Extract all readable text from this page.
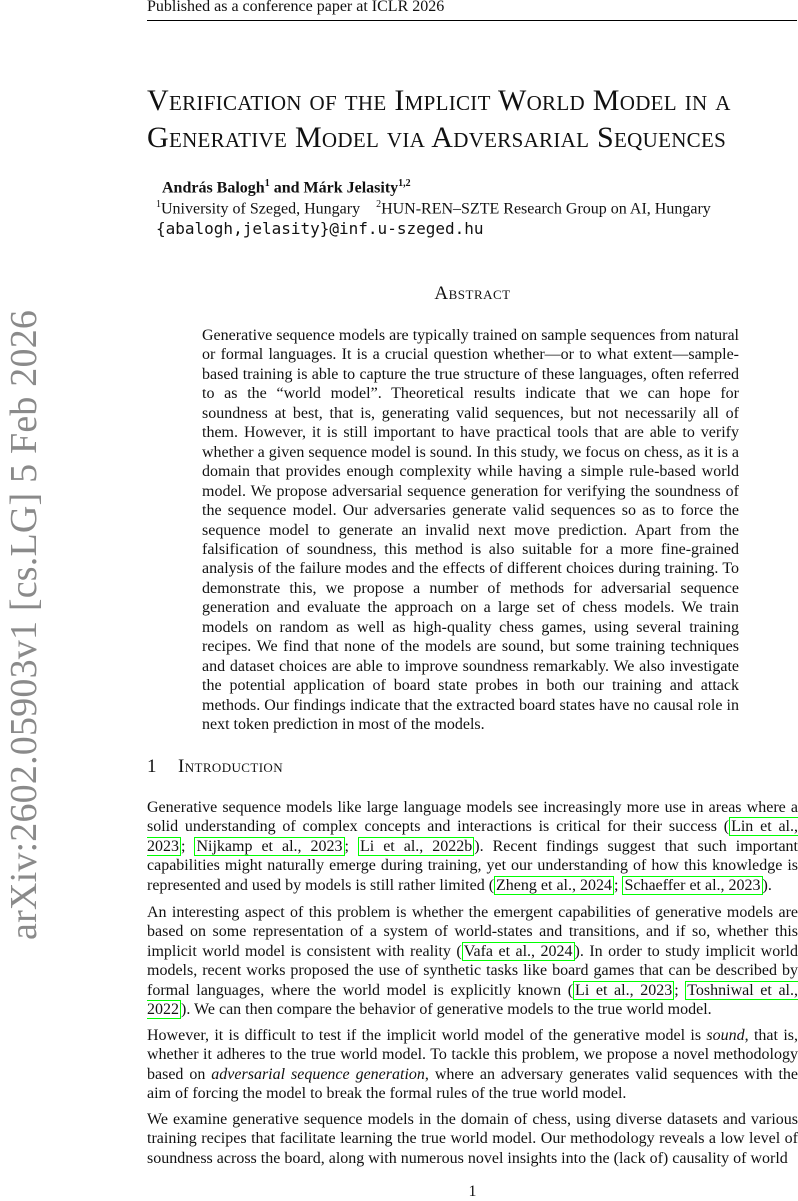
Published as a conference paper at ICLR 2026
arXiv:2602.05903v1 [cs.LG] 5 Feb 2026
Verification of the Implicit World Model in a Generative Model via Adversarial Sequences
András Balogh$^1$ and Márk Jelasity$^{1,2}$
$^1$University of Szeged, Hungary $^2$HUN-REN–SZTE Research Group on AI, Hungary
{abalogh,jelasity}@inf.u-szeged.hu
Abstract

Generative sequence models are typically trained on sample sequences from natural or formal languages. It is a crucial question whether—or to what extent—sample-based training is able to capture the true structure of these languages, often referred to as the “world model”. Theoretical results indicate that we can hope for soundness at best, that is, generating valid sequences, but not necessarily all of them. However, it is still important to have practical tools that are able to verify whether a given sequence model is sound. In this study, we focus on chess, as it is a domain that provides enough complexity while having a simple rule-based world model. We propose adversarial sequence generation for verifying the soundness of the sequence model. Our adversaries generate valid sequences so as to force the sequence model to generate an invalid next move prediction. Apart from the falsification of soundness, this method is also suitable for a more fine-grained analysis of the failure modes and the effects of different choices during training. To demonstrate this, we propose a number of methods for adversarial sequence generation and evaluate the approach on a large set of chess models. We train models on random as well as high-quality chess games, using several training recipes. We find that none of the models are sound, but some training techniques and dataset choices are able to improve soundness remarkably. We also investigate the potential application of board state probes in both our training and attack methods. Our findings indicate that the extracted board states have no causal role in next token prediction in most of the models.

1 Introduction

Generative sequence models like large language models see increasingly more use in areas where a solid understanding of complex concepts and interactions is critical for their success ( Lin et al., 2023 ; Nijkamp et al., 2023 ; Li et al., 2022b ). Recent findings suggest that such important capabilities might naturally emerge during training, yet our understanding of how this knowledge is represented and used by models is still rather limited ( Zheng et al., 2024 ; Schaeffer et al., 2023 ).

An interesting aspect of this problem is whether the emergent capabilities of generative models are based on some representation of a system of world-states and transitions, and if so, whether this implicit world model is consistent with reality ( Vafa et al., 2024 ). In order to study implicit world models, recent works proposed the use of synthetic tasks like board games that can be described by formal languages, where the world model is explicitly known ( Li et al., 2023 ; Toshniwal et al., 2022 ). We can then compare the behavior of generative models to the true world model.

However, it is difficult to test if the implicit world model of the generative model is sound, that is, whether it adheres to the true world model. To tackle this problem, we propose a novel methodology based on adversarial sequence generation, where an adversary generates valid sequences with the aim of forcing the model to break the formal rules of the true world model.

We examine generative sequence models in the domain of chess, using diverse datasets and various training recipes that facilitate learning the true world model. Our methodology reveals a low level of soundness across the board, along with numerous novel insights into the (lack of) causality of world

1
